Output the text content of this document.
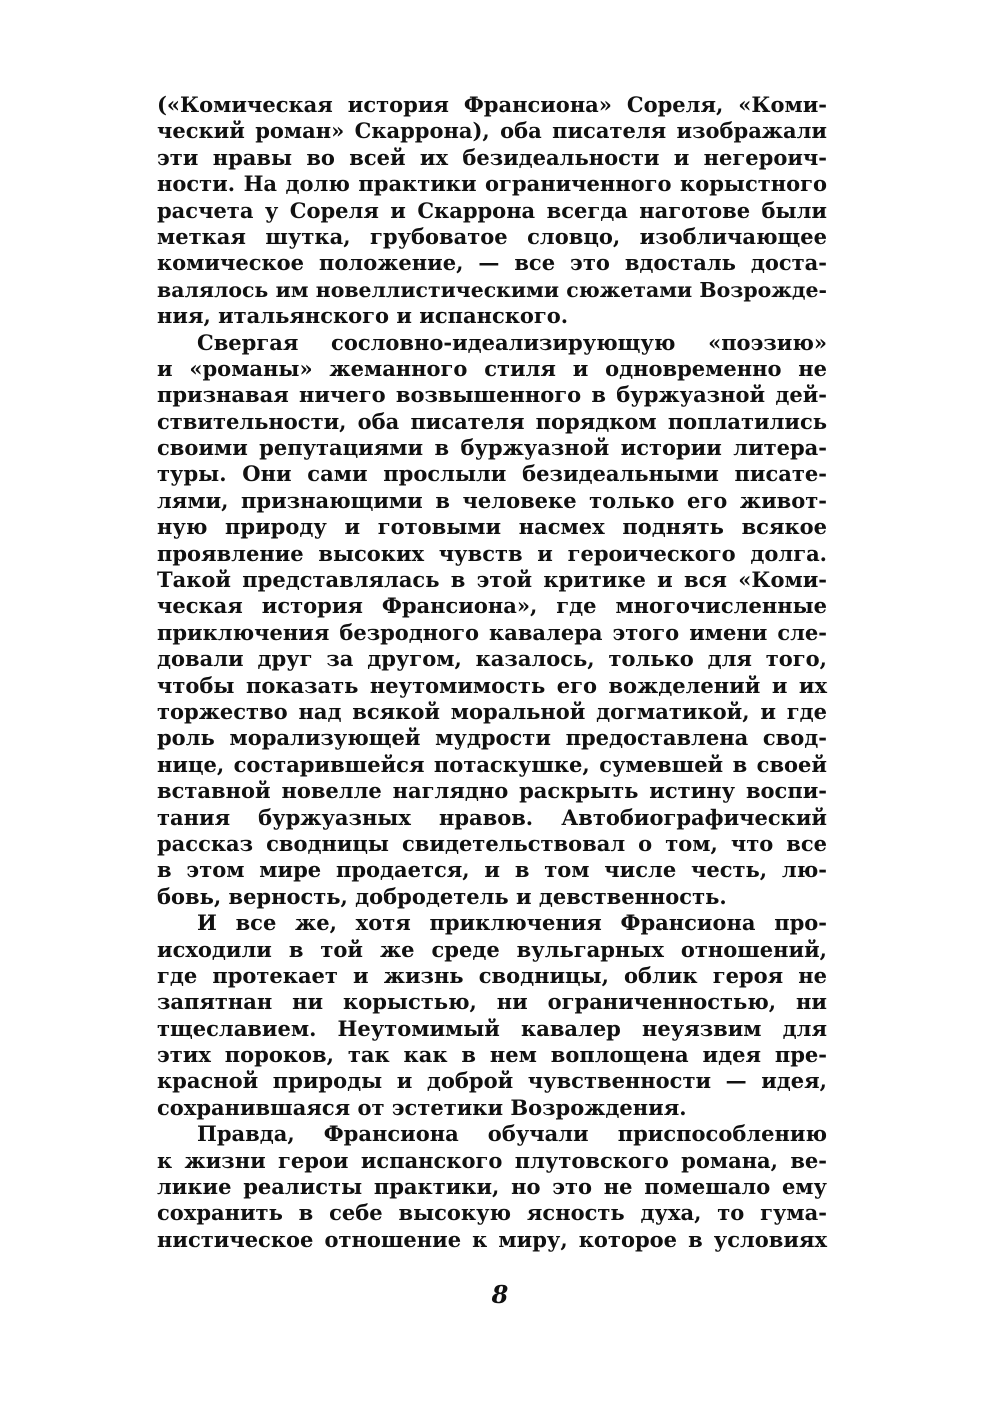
(«Комическая история Франсиона» Сореля, «Коми-
ческий роман» Скаррона), оба писателя изображали
эти нравы во всей их безидеальности и негероич-
ности. На долю практики ограниченного корыстного
расчета у Сореля и Скаррона всегда наготове были
меткая шутка, грубоватое словцо, изобличающее
комическое положение, — все это вдосталь доста-
валялось им новеллистическими сюжетами Возрожде-
ния, итальянского и испанского.
Свергая сословно-идеализирующую «поэзию»
и «романы» жеманного стиля и одновременно не
признавая ничего возвышенного в буржуазной дей-
ствительности, оба писателя порядком поплатились
своими репутациями в буржуазной истории литера-
туры. Они сами прослыли безидеальными писате-
лями, признающими в человеке только его живот-
ную природу и готовыми насмех поднять всякое
проявление высоких чувств и героического долга.
Такой представлялась в этой критике и вся «Коми-
ческая история Франсиона», где многочисленные
приключения безродного кавалера этого имени сле-
довали друг за другом, казалось, только для того,
чтобы показать неутомимость его вожделений и их
торжество над всякой моральной догматикой, и где
роль морализующей мудрости предоставлена свод-
нице, состарившейся потаскушке, сумевшей в своей
вставной новелле наглядно раскрыть истину воспи-
тания буржуазных нравов. Автобиографический
рассказ сводницы свидетельствовал о том, что все
в этом мире продается, и в том числе честь, лю-
бовь, верность, добродетель и девственность.
И все же, хотя приключения Франсиона про-
исходили в той же среде вульгарных отношений,
где протекает и жизнь сводницы, облик героя не
запятнан ни корыстью, ни ограниченностью, ни
тщеславием. Неутомимый кавалер неуязвим для
этих пороков, так как в нем воплощена идея пре-
красной природы и доброй чувственности — идея,
сохранившаяся от эстетики Возрождения.
Правда, Франсиона обучали приспособлению
к жизни герои испанского плутовского романа, ве-
ликие реалисты практики, но это не помешало ему
сохранить в себе высокую ясность духа, то гума-
нистическое отношение к миру, которое в условиях
8
